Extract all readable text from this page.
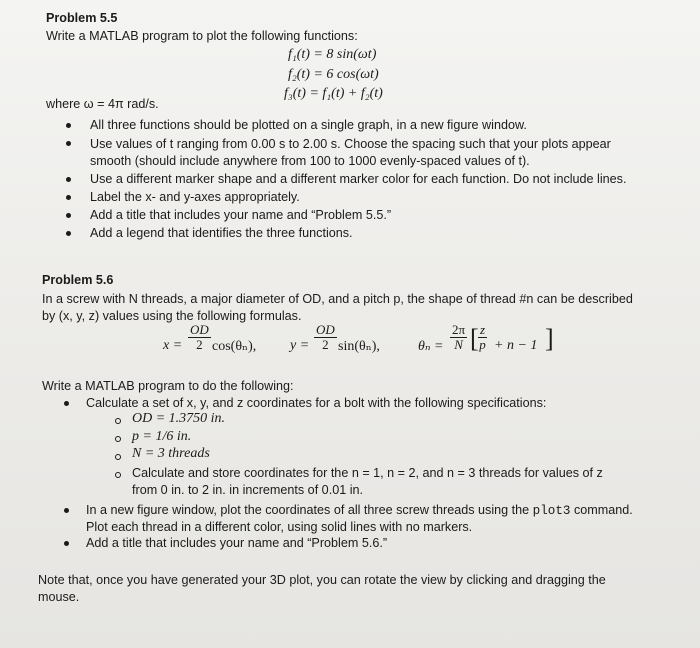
Problem 5.5
Write a MATLAB program to plot the following functions:
f₁(t) = 8 sin(ωt)
f₂(t) = 6 cos(ωt)
f₃(t) = f₁(t) + f₂(t)
where ω = 4π rad/s.
All three functions should be plotted on a single graph, in a new figure window.
Use values of t ranging from 0.00 s to 2.00 s. Choose the spacing such that your plots appear
smooth (should include anywhere from 100 to 1000 evenly-spaced values of t).
Use a different marker shape and a different marker color for each function. Do not include lines.
Label the x- and y-axes appropriately.
Add a title that includes your name and “Problem 5.5.”
Add a legend that identifies the three functions.
Problem 5.6
In a screw with N threads, a major diameter of OD, and a pitch p, the shape of thread #n can be described
by (x, y, z) values using the following formulas.
$x = \frac{OD}{2} \cos(\theta_n)$, $y = \frac{OD}{2} \sin(\theta_n)$,	$\theta_n = \frac{2\pi}{N}$ [ $\frac{z}{p} + n - 1$ ]
Write a MATLAB program to do the following:
Calculate a set of x, y, and z coordinates for a bolt with the following specifications:
OD = 1.3750 in.
p = 1/6 in.
N = 3 threads
Calculate and store coordinates for the n = 1, n = 2, and n = 3 threads for values of z
from 0 in. to 2 in. in increments of 0.01 in.
In a new figure window, plot the coordinates of all three screw threads using the plot3 command.
Plot each thread in a different color, using solid lines with no markers.
Add a title that includes your name and “Problem 5.6.”
Note that, once you have generated your 3D plot, you can rotate the view by clicking and dragging the
mouse.
